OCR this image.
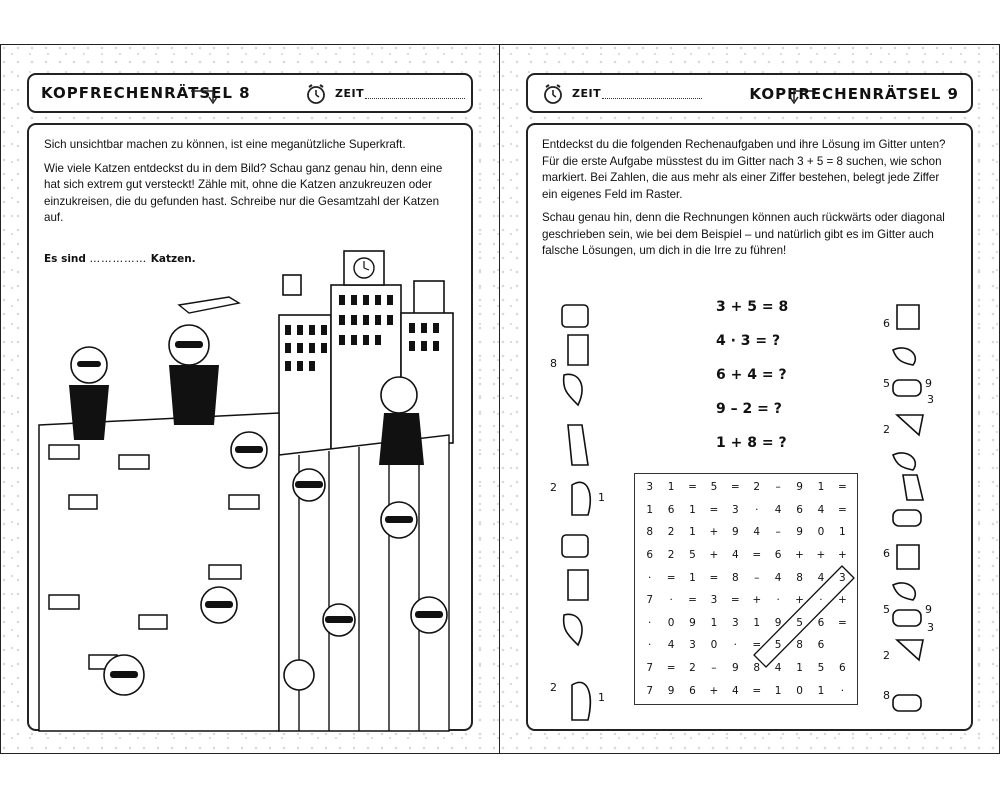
KOPFRECHENRÄTSEL 8	ZEIT

Sich unsichtbar machen zu können, ist eine meganützliche Superkraft.

Wie viele Katzen entdeckst du in dem Bild? Schau ganz genau hin, denn eine hat sich extrem gut versteckt! Zähle mit, ohne die Katzen anzukreuzen oder einzukreisen, die du gefunden hast. Schreibe nur die Gesamtzahl der Katzen auf.

Es sind …………… Katzen.
ZEIT	KOPFRECHENRÄTSEL 9

Entdeckst du die folgenden Rechenaufgaben und ihre Lösung im Gitter unten? Für die erste Aufgabe müsstest du im Gitter nach 3 + 5 = 8 suchen, wie schon markiert. Bei Zahlen, die aus mehr als einer Ziffer bestehen, belegt jede Ziffer ein eigenes Feld im Raster.

Schau genau hin, denn die Rechnungen können auch rückwärts oder diagonal geschrieben sein, wie bei dem Beispiel – und natürlich gibt es im Gitter auch falsche Lösungen, um dich in die Irre zu führen!

3 + 5 = 8
4 · 3 = ?
6 + 4 = ?
9 – 2 = ?
1 + 8 = ?
3	1	=	5	=	2	–	9	1	=
1	6	1	=	3	·	4	6	4	=
8	2	1	+	9	4	–	9	0	1
6	2	5	+	4	=	6	+	+	+
·	=	1	=	8	–	4	8	4	3
7	·	=	3	=	+	·	+	·	+
·	0	9	1	3	1	9	5	6	=
·	4	3	0	·	=	5	8	6
7	=	2	–	9	8	4	1	5	6
7	9	6	+	4	=	1	0	1	·
8
2
1
2
1
6
5	9
3
2
6
5	9
3
2
8
